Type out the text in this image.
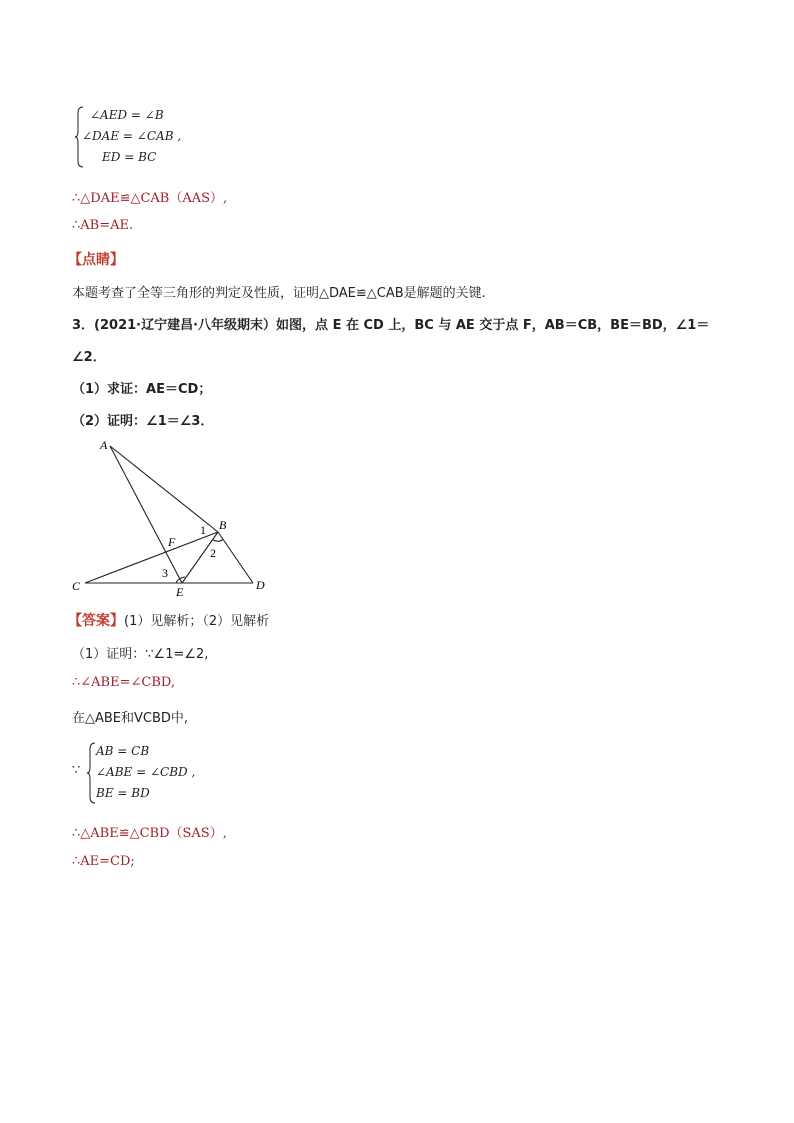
∠AED = ∠B
∠DAE = ∠CAB ,
ED = BC
∴△DAE≌△CAB（AAS）,
∴AB=AE.
【点睛】
本题考查了全等三角形的判定及性质，证明△DAE≌△CAB是解题的关键.
3．(2021·辽宁建昌·八年级期末）如图，点 E 在 CD 上，BC 与 AE 交于点 F，AB＝CB，BE＝BD，∠1＝
∠2．
（1）求证：AE＝CD；
（2）证明：∠1＝∠3．
A
B
C	D
E
F
1
2
3
【答案】(1）见解析；（2）见解析
（1）证明：∵∠1=∠2,
∴∠ABE=∠CBD,
在△ABE和VCBD中,
∵
AB = CB
∠ABE = ∠CBD ,
BE = BD
∴△ABE≌△CBD（SAS）,
∴AE=CD;
